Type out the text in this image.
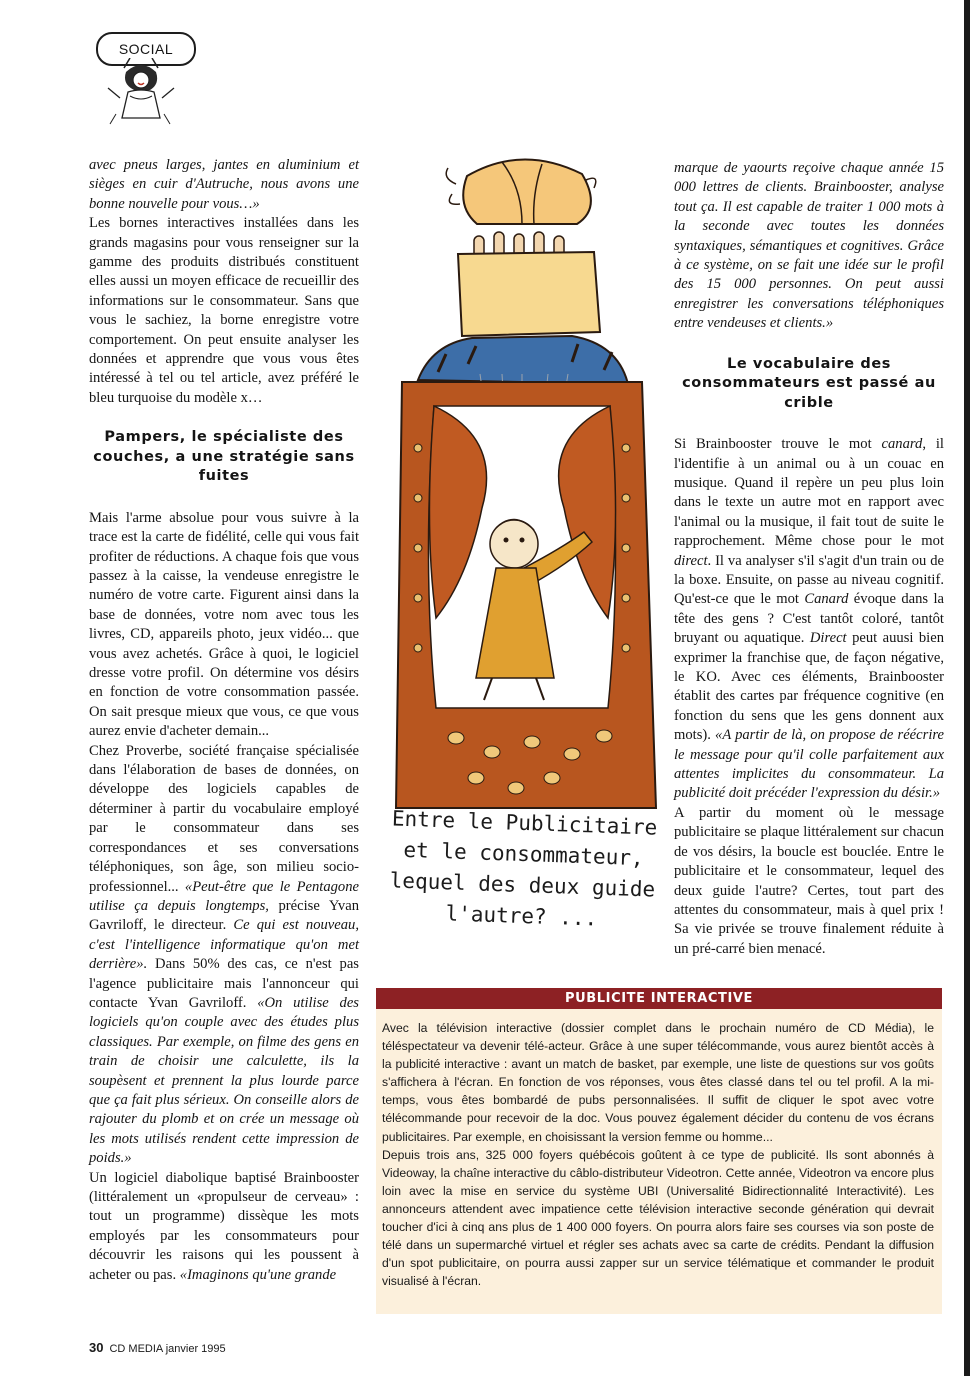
SOCIAL

avec pneus larges, jantes en aluminium et sièges en cuir d'Autruche, nous avons une bonne nouvelle pour vous…»

Les bornes interactives installées dans les grands magasins pour vous renseigner sur la gamme des produits distribués constituent elles aussi un moyen efficace de recueillir des informations sur le consommateur. Sans que vous le sachiez, la borne enregistre votre comportement. On peut ensuite analyser les données et apprendre que vous vous êtes intéressé à tel ou tel article, avez préféré le bleu turquoise du modèle x…

Pampers, le spécialiste des couches, a une stratégie sans fuites

Mais l'arme absolue pour vous suivre à la trace est la carte de fidélité, celle qui vous fait profiter de réductions. A chaque fois que vous passez à la caisse, la vendeuse enregistre le numéro de votre carte. Figurent ainsi dans la base de données, votre nom avec tous les livres, CD, appareils photo, jeux vidéo... que vous avez achetés. Grâce à quoi, le logiciel dresse votre profil. On détermine vos désirs en fonction de votre consommation passée. On sait presque mieux que vous, ce que vous aurez envie d'acheter demain...

Chez Proverbe, société française spécialisée dans l'élaboration de bases de données, on développe des logiciels capables de déterminer à partir du vocabulaire employé par le consommateur dans ses correspondances et ses conversations téléphoniques, son âge, son milieu socio-professionnel... «Peut-être que le Pentagone utilise ça depuis longtemps, précise Yvan Gavriloff, le directeur. Ce qui est nouveau, c'est l'intelligence informatique qu'on met derrière». Dans 50% des cas, ce n'est pas l'agence publicitaire mais l'annonceur qui contacte Yvan Gavriloff. «On utilise des logiciels qu'on couple avec des études plus classiques. Par exemple, on filme des gens en train de choisir une calculette, ils la soupèsent et prennent la plus lourde parce que ça fait plus sérieux. On conseille alors de rajouter du plomb et on crée un message où les mots utilisés rendent cette impression de poids.»

Un logiciel diabolique baptisé Brainbooster (littéralement un «propulseur de cerveau» : tout un programme) dissèque les mots employés par les consommateurs pour découvrir les raisons qui les poussent à acheter ou pas. «Imaginons qu'une grande

Entre le Publicitaire
et le consommateur,
lequel des deux guide
l'autre? ...

marque de yaourts reçoive chaque année 15 000 lettres de clients. Brainbooster, analyse tout ça. Il est capable de traiter 1 000 mots à la seconde avec toutes les données syntaxiques, sémantiques et cognitives. Grâce à ce système, on se fait une idée sur le profil des 15 000 personnes. On peut aussi enregistrer les conversations téléphoniques entre vendeuses et clients.»

Le vocabulaire des consommateurs est passé au crible

Si Brainbooster trouve le mot canard, il l'identifie à un animal ou à un couac en musique. Quand il repère un peu plus loin dans le texte un autre mot en rapport avec l'animal ou la musique, il fait tout de suite le rapprochement. Même chose pour le mot direct. Il va analyser s'il s'agit d'un train ou de la boxe. Ensuite, on passe au niveau cognitif. Qu'est-ce que le mot Canard évoque dans la tête des gens ? C'est tantôt coloré, tantôt bruyant ou aquatique. Direct peut auusi bien exprimer la franchise que, de façon négative, le KO. Avec ces éléments, Brainbooster établit des cartes par fréquence cognitive (en fonction du sens que les gens donnent aux mots). «A partir de là, on propose de réécrire le message pour qu'il colle parfaitement aux attentes implicites du consommateur. La publicité doit précéder l'expression du désir.»

A partir du moment où le message publicitaire se plaque littéralement sur chacun de vos désirs, la boucle est bouclée. Entre le publicitaire et le consommateur, lequel des deux guide l'autre? Certes, tout part des attentes du consommateur, mais à quel prix ! Sa vie privée se trouve finalement réduite à un pré-carré bien menacé.

PUBLICITE INTERACTIVE

Avec la télévision interactive (dossier complet dans le prochain numéro de CD Média), le téléspectateur va devenir télé-acteur. Grâce à une super télécommande, vous aurez bientôt accès à la publicité interactive : avant un match de basket, par exemple, une liste de questions sur vos goûts s'affichera à l'écran. En fonction de vos réponses, vous êtes classé dans tel ou tel profil. A la mi-temps, vous êtes bombardé de pubs personnalisées. Il suffit de cliquer le spot avec votre télécommande pour recevoir de la doc. Vous pouvez également décider du contenu de vos écrans publicitaires. Par exemple, en choisissant la version femme ou homme...

Depuis trois ans, 325 000 foyers québécois goûtent à ce type de publicité. Ils sont abonnés à Videoway, la chaîne interactive du câblo-distributeur Videotron. Cette année, Videotron va encore plus loin avec la mise en service du système UBI (Universalité Bidirectionnalité Interactivité). Les annonceurs attendent avec impatience cette télévision interactive seconde génération qui devrait toucher d'ici à cinq ans plus de 1 400 000 foyers. On pourra alors faire ses courses via son poste de télé dans un supermarché virtuel et régler ses achats avec sa carte de crédits. Pendant la diffusion d'un spot publicitaire, on pourra aussi zapper sur un service télématique et commander le produit visualisé à l'écran.

30 CD MEDIA janvier 1995
